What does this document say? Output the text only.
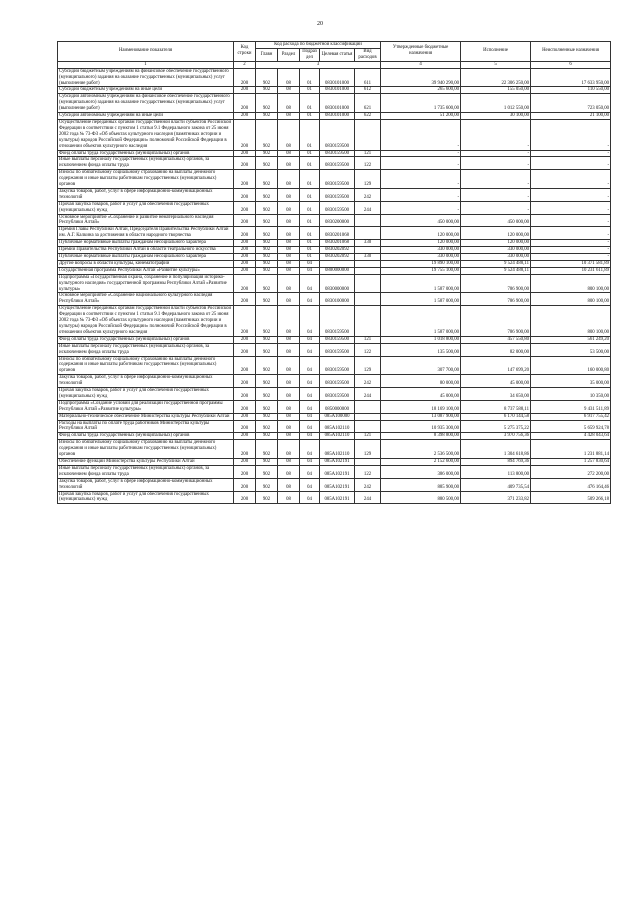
20
Наименование показателя	Код строки	Код расхода по бюджетной классификации					Утвержденные бюджетные назначения	Исполнение	Неисполненные назначения
		Главн	Раздел	Подраз дел	Целевая статья	Вид расходов			
1	2	3					4	5	6
Субсидии бюджетным учреждениям на финансовое обеспечение государственного (муниципального) задания на оказание государственных (муниципальных) услуг (выполнение работ)	200	902	08	01	0830101000	611	39 940 290,00	22 306 250,00	17 633 950,00
Субсидии бюджетным учреждениям на иные цели	200	902	08	01	0830101000	612	265 600,00	155 050,00	110 550,00
Субсидии автономным учреждениям на финансовое обеспечение государственного (муниципального) задания на оказание государственных (муниципальных) услуг (выполнение работ)	200	902	08	01	0830101000	621	1 735 600,00	1 012 550,00	723 050,00
Субсидии автономным учреждениям на иные цели	200	902	08	01	0830101000	622	51 200,00	30 100,00	21 100,00
Осуществление переданных органам государственной власти субъектов Российской Федерации в соответствии с пунктом 1 статьи 9.1 Федерального закона от 25 июня 2002 года № 73-ФЗ «Об объектах культурного наследия (памятниках истории и культуры) народов Российской Федерации» полномочий Российской Федерации в отношении объектов культурного наследия	200	902	08	01	0830159500		-	-	-
Фонд оплаты труда государственных (муниципальных) органов	200	902	08	01	0830159500	121	-	-	-
Иные выплаты персоналу государственных (муниципальных) органов, за исключением фонда оплаты труда	200	902	08	01	0830159500	122	-	-	-
Взносы по обязательному социальному страхованию на выплаты денежного содержания и иные выплаты работникам государственных (муниципальных) органов	200	902	08	01	0830159500	129	-	-	-
Закупка товаров, работ, услуг в сфере информационно-коммуникационных технологий	200	902	08	01	0830159500	242	-	-	-
Прочая закупка товаров, работ и услуг для обеспечения государственных (муниципальных) нужд	200	902	08	01	0830159500	244	-	-	-
Основное мероприятие «Сохранение и развитие нематериального наследия Республики Алтай»	200	902	08	01	0830200000		450 000,00	450 000,00	-
Премия Главы Республики Алтай, Председателя Правительства Республики Алтай им. А.Г. Калкина за достижения в области народного творчества	200	902	08	01	0830201068		120 000,00	120 000,00	-
Публичные нормативные выплаты гражданам несоциального характера	200	902	08	01	0830201068	330	120 000,00	120 000,00	-
Премии Правительства Республики Алтай в области театрального искусства	200	902	08	01	0830202092		330 000,00	330 000,00	-
Публичные нормативные выплаты гражданам несоциального характера	200	902	08	01	0830202092	330	330 000,00	330 000,00	-
Другие вопросы в области культуры, кинематографии	200	902	08	04			19 890 100,00	9 524 488,11	10 371 581,89
Государственная программа Республики Алтай «Развитие культуры»	200	902	08	04	0800000000		19 755 100,00	9 524 488,11	10 231 611,89
Подпрограмма «Государственная охрана, сохранение и популяризация историко-культурного наследия» государственной программы Республики Алтай «Развитие культуры»	200	902	08	04	0830000000		1 587 000,00	786 900,00	800 100,00
Основное мероприятие «Сохранение национального культурного наследия Республики Алтай»	200	902	08	04	0830100000		1 587 000,00	786 900,00	800 100,00
Осуществление переданных органам государственной власти субъектов Российской Федерации в соответствии с пунктом 1 статьи 9.1 Федерального закона от 25 июня 2002 года № 73-ФЗ «Об объектах культурного наследия (памятниках истории и культуры) народов Российской Федерации» полномочий Российской Федерации в отношении объектов культурного наследия	200	902	08	04	0830159500		1 587 000,00	786 900,00	800 100,00
Фонд оплаты труда государственных (муниципальных) органов	200	902	08	04	0830159500	121	1 018 800,00	457 550,80	561 249,20
Иные выплаты персоналу государственных (муниципальных) органов, за исключением фонда оплаты труда	200	902	08	04	0830159500	122	135 500,00	82 000,00	53 500,00
Взносы по обязательному социальному страхованию на выплаты денежного содержания и иные выплаты работникам государственных (муниципальных) органов	200	902	08	04	0830159500	129	307 700,00	147 699,20	160 000,80
Закупка товаров, работ, услуг в сфере информационно-коммуникационных технологий	200	902	08	04	0830159500	242	80 000,00	45 000,00	35 000,00
Прочая закупка товаров, работ и услуг для обеспечения государственных (муниципальных) нужд	200	902	08	04	0830159500	244	45 000,00	34 650,00	10 350,00
Подпрограмма «Создание условий для реализации государственной программы Республики Алтай «Развитие культуры»	200	902	08	04	0850000000		18 169 100,00	8 737 588,11	9 431 511,89
Материально-техническое обеспечение Министерства культуры Республики Алтай	200	902	08	04	085А100000		13 087 900,00	6 170 144,58	6 917 755,42
Расходы на выплаты по оплате труда работников Министерства культуры Республики Алтай	200	902	08	04	085А102110		10 935 300,00	5 275 375,22	5 659 924,78
Фонд оплаты труда государственных (муниципальных) органов	200	902	08	04	085А102110	121	8 398 800,00	3 970 756,36	4 428 043,64
Взносы по обязательному социальному страхованию на выплаты денежного содержания и иные выплаты работникам государственных (муниципальных) органов	200	902	08	04	085А102110	129	2 536 500,00	1 304 618,86	1 231 881,14
Обеспечение функций Министерства культуры Республики Алтай	200	902	08	04	085А102191		2 152 600,00	894 769,36	1 257 830,64
Иные выплаты персоналу государственных (муниципальных) органов, за исключением фонда оплаты труда	200	902	08	04	085А102191	122	386 000,00	113 800,00	272 200,00
Закупка товаров, работ, услуг в сфере информационно-коммуникационных технологий	200	902	08	04	085А102191	242	885 900,00	409 735,54	476 164,46
Прочая закупка товаров, работ и услуг для обеспечения государственных (муниципальных) нужд	200	902	08	04	085А102191	244	880 500,00	371 233,82	509 266,18
